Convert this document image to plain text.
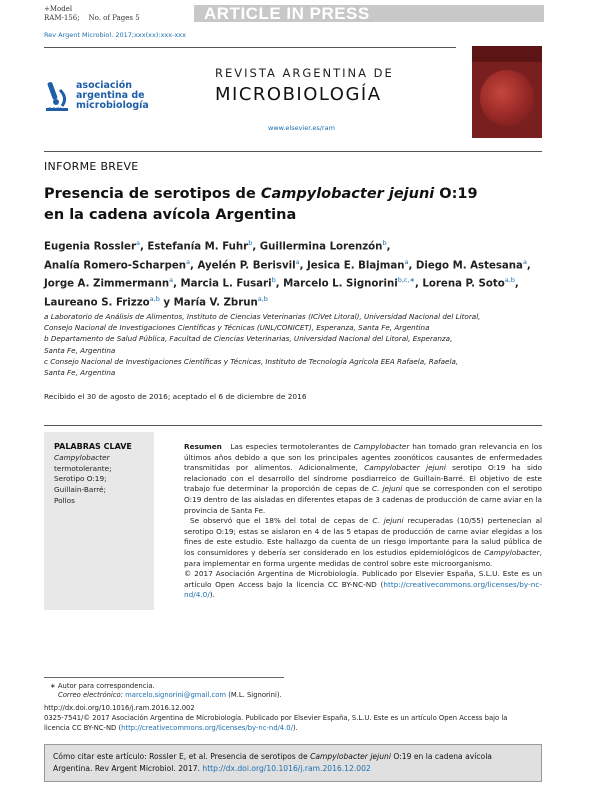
+Model
RAM-156; No. of Pages 5	ARTICLE IN PRESS
Rev Argent Microbiol. 2017;xxx(xx):xxx-xxx
asociación
argentina de
microbiología
aam
REVISTA ARGENTINA DE
MICROBIOLOGÍA
www.elsevier.es/ram
INFORME BREVE
Presencia de serotipos de Campylobacter jejuni O:19
en la cadena avícola Argentina
Eugenia Rossler$^a$, Estefanía M. Fuhr$^b$, Guillermina Lorenzón$^b$,
Analía Romero-Scharpen$^a$, Ayelén P. Berisvil$^a$, Jesica E. Blajman$^a$, Diego M. Astesana$^a$,
Jorge A. Zimmermann$^a$, Marcia L. Fusari$^b$, Marcelo L. Signorini$^{b,c,∗}$, Lorena P. Soto$^{a,b}$,
Laureano S. Frizzo$^{a,b}$ y María V. Zbrun$^{a,b}$
a Laboratorio de Análisis de Alimentos, Instituto de Ciencias Veterinarias (ICiVet Litoral), Universidad Nacional del Litoral,
Consejo Nacional de Investigaciones Científicas y Técnicas (UNL/CONICET), Esperanza, Santa Fe, Argentina
b Departamento de Salud Pública, Facultad de Ciencias Veterinarias, Universidad Nacional del Litoral, Esperanza,
Santa Fe, Argentina
c Consejo Nacional de Investigaciones Científicas y Técnicas, Instituto de Tecnología Agrícola EEA Rafaela, Rafaela,
Santa Fe, Argentina
Recibido el 30 de agosto de 2016; aceptado el 6 de diciembre de 2016
PALABRAS CLAVE
Campylobacter
termotolerante;
Serotipo O:19;
Guillain-Barré;
Pollos

Resumen Las especies termotolerantes de Campylobacter han tomado gran relevancia en los últimos años debido a que son los principales agentes zoonóticos causantes de enfermedades transmitidas por alimentos. Adicionalmente, Campylobacter jejuni serotipo O:19 ha sido relacionado con el desarrollo del síndrome posdiarreico de Guillain-Barré. El objetivo de este trabajo fue determinar la proporción de cepas de C. jejuni que se corresponden con el serotipo O:19 dentro de las aisladas en diferentes etapas de 3 cadenas de producción de carne aviar en la provincia de Santa Fe.

Se observó que el 18% del total de cepas de C. jejuni recuperadas (10/55) pertenecían al serotipo O:19; estas se aislaron en 4 de las 5 etapas de producción de carne aviar elegidas a los fines de este estudio. Este hallazgo da cuenta de un riesgo importante para la salud pública de los consumidores y debería ser considerado en los estudios epidemiológicos de Campylobacter, para implementar en forma urgente medidas de control sobre este microorganismo.

© 2017 Asociación Argentina de Microbiología. Publicado por Elsevier España, S.L.U. Este es un artículo Open Access bajo la licencia CC BY-NC-ND (http://creativecommons.org/licenses/by-nc-nd/4.0/).

∗ Autor para correspondencia.
Correo electrónico: marcelo.signorini@gmail.com (M.L. Signorini).
http://dx.doi.org/10.1016/j.ram.2016.12.002
0325-7541/© 2017 Asociación Argentina de Microbiología. Publicado por Elsevier España, S.L.U. Este es un artículo Open Access bajo la
licencia CC BY-NC-ND (http://creativecommons.org/licenses/by-nc-nd/4.0/).
Cómo citar este artículo: Rossler E, et al. Presencia de serotipos de Campylobacter jejuni O:19 en la cadena avícola
Argentina. Rev Argent Microbiol. 2017. http://dx.doi.org/10.1016/j.ram.2016.12.002
